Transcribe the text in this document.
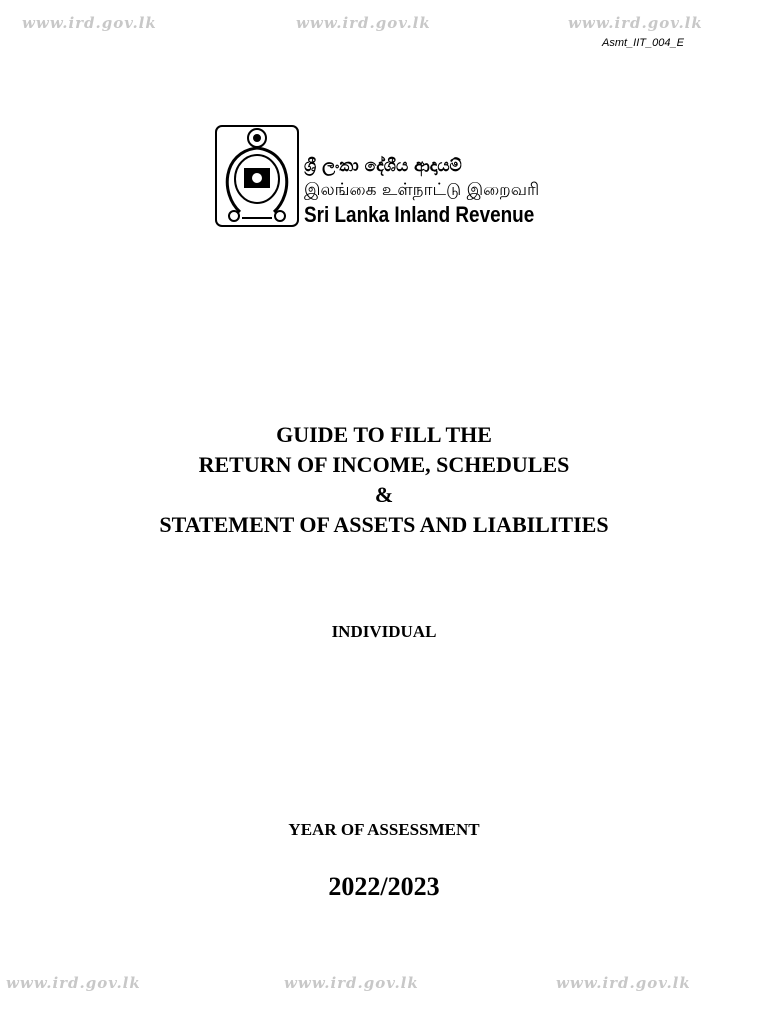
www.ird.gov.lk	www.ird.gov.lk	www.ird.gov.lk
Asmt_IIT_004_E
ශ්‍රී ලංකා දේශීය ආදායම්
இலங்கை உள்நாட்டு இறைவரி
Sri Lanka Inland Revenue
GUIDE TO FILL THE
RETURN OF INCOME, SCHEDULES
&
STATEMENT OF ASSETS AND LIABILITIES
INDIVIDUAL
YEAR OF ASSESSMENT
2022/2023
www.ird.gov.lk	www.ird.gov.lk	www.ird.gov.lk
